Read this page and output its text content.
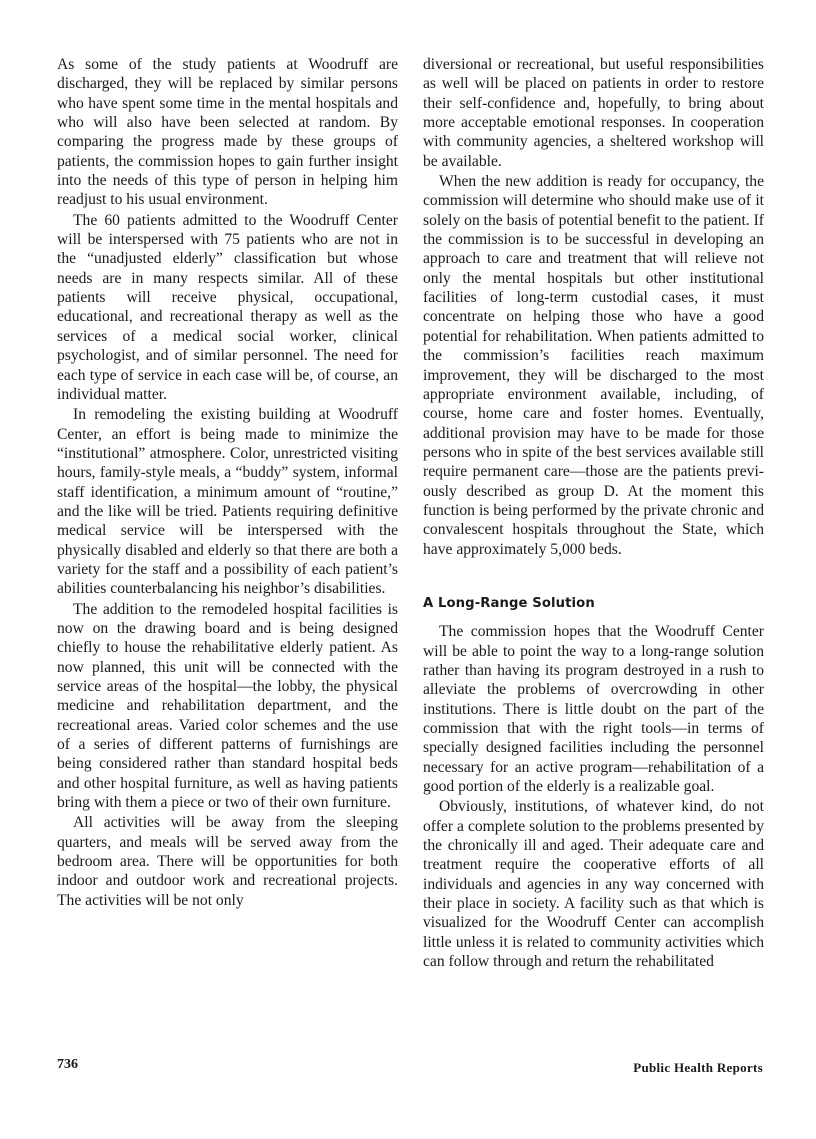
As some of the study patients at Woodruff are discharged, they will be replaced by similar persons who have spent some time in the mental hospitals and who will also have been selected at random. By comparing the progress made by these groups of patients, the commission hopes to gain further insight into the needs of this type of person in helping him readjust to his usual environment.

The 60 patients admitted to the Woodruff Center will be interspersed with 75 patients who are not in the “unadjusted elderly” classification but whose needs are in many respects similar. All of these patients will receive physical, occupational, educational, and recreational therapy as well as the services of a medical social worker, clinical psychologist, and of similar personnel. The need for each type of service in each case will be, of course, an individual matter.

In remodeling the existing building at Woodruff Center, an effort is being made to minimize the “institutional” atmosphere. Color, unrestricted visiting hours, family-style meals, a “buddy” system, informal staff identification, a minimum amount of “routine,” and the like will be tried. Patients requiring definitive medical service will be interspersed with the physically disabled and elderly so that there are both a variety for the staff and a possibility of each patient’s abilities counterbalancing his neighbor’s disabilities.

The addition to the remodeled hospital facilities is now on the drawing board and is being designed chiefly to house the rehabilitative elderly patient. As now planned, this unit will be connected with the service areas of the hospital—the lobby, the physical medicine and rehabilitation department, and the recreational areas. Varied color schemes and the use of a series of different patterns of furnishings are being considered rather than standard hospital beds and other hospital furniture, as well as having patients bring with them a piece or two of their own furniture.

All activities will be away from the sleeping quarters, and meals will be served away from the bedroom area. There will be opportunities for both indoor and outdoor work and recreational projects. The activities will be not only

diversional or recreational, but useful responsibilities as well will be placed on patients in order to restore their self-confidence and, hopefully, to bring about more acceptable emotional responses. In cooperation with community agencies, a sheltered workshop will be available.

When the new addition is ready for occupancy, the commission will determine who should make use of it solely on the basis of potential benefit to the patient. If the commission is to be successful in developing an approach to care and treatment that will relieve not only the mental hospitals but other institutional facilities of long-term custodial cases, it must concentrate on helping those who have a good potential for rehabilitation. When patients admitted to the commission’s facilities reach maximum improvement, they will be discharged to the most appropriate environment available, including, of course, home care and foster homes. Eventually, additional provision may have to be made for those persons who in spite of the best services available still require permanent care—those are the patients previously described as group D. At the moment this function is being performed by the private chronic and convalescent hospitals throughout the State, which have approximately 5,000 beds.

A Long-Range Solution

The commission hopes that the Woodruff Center will be able to point the way to a long-range solution rather than having its program destroyed in a rush to alleviate the problems of overcrowding in other institutions. There is little doubt on the part of the commission that with the right tools—in terms of specially designed facilities including the personnel necessary for an active program—rehabilitation of a good portion of the elderly is a realizable goal.

Obviously, institutions, of whatever kind, do not offer a complete solution to the problems presented by the chronically ill and aged. Their adequate care and treatment require the cooperative efforts of all individuals and agencies in any way concerned with their place in society. A facility such as that which is visualized for the Woodruff Center can accomplish little unless it is related to community activities which can follow through and return the rehabilitated

736	Public Health Reports
